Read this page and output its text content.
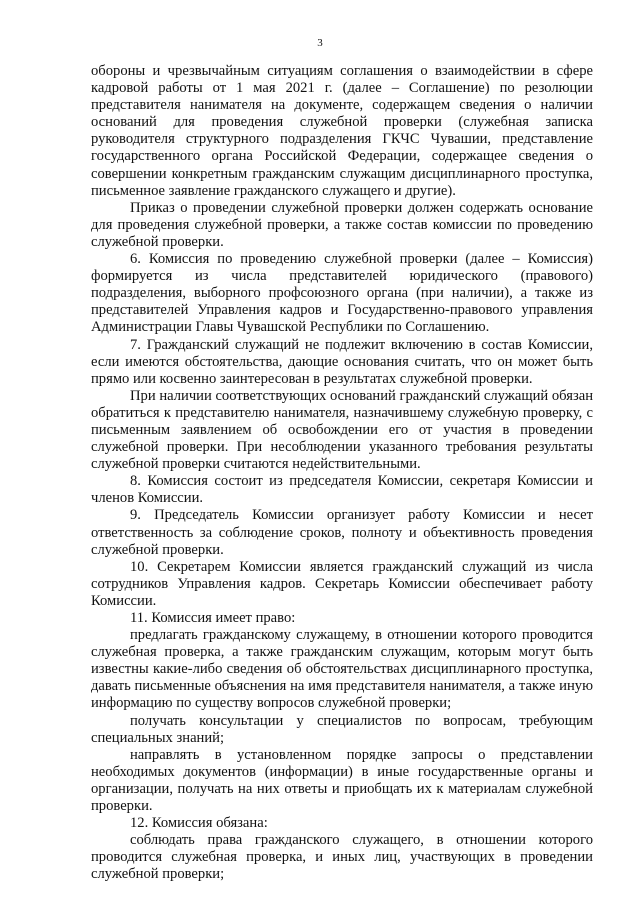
3

обороны и чрезвычайным ситуациям соглашения о взаимодействии в сфере кадровой работы от 1 мая 2021 г. (далее – Соглашение) по резолюции представителя нанимателя на документе, содержащем сведения о наличии оснований для проведения служебной проверки (служебная записка руководителя структурного подразделения ГКЧС Чувашии, представление государственного органа Российской Федерации, содержащее сведения о совершении конкретным гражданским служащим дисциплинарного проступка, письменное заявление гражданского служащего и другие).

Приказ о проведении служебной проверки должен содержать основание для проведения служебной проверки, а также состав комиссии по проведению служебной проверки.

6. Комиссия по проведению служебной проверки (далее – Комиссия) формируется из числа представителей юридического (правового) подразделения, выборного профсоюзного органа (при наличии), а также из представителей Управления кадров и Государственно-правового управления Администрации Главы Чувашской Республики по Соглашению.

7. Гражданский служащий не подлежит включению в состав Комиссии, если имеются обстоятельства, дающие основания считать, что он может быть прямо или косвенно заинтересован в результатах служебной проверки.

При наличии соответствующих оснований гражданский служащий обязан обратиться к представителю нанимателя, назначившему служебную проверку, с письменным заявлением об освобождении его от участия в проведении служебной проверки. При несоблюдении указанного требования результаты служебной проверки считаются недействительными.

8. Комиссия состоит из председателя Комиссии, секретаря Комиссии и членов Комиссии.

9. Председатель Комиссии организует работу Комиссии и несет ответственность за соблюдение сроков, полноту и объективность проведения служебной проверки.

10. Секретарем Комиссии является гражданский служащий из числа сотрудников Управления кадров. Секретарь Комиссии обеспечивает работу Комиссии.

11. Комиссия имеет право:

предлагать гражданскому служащему, в отношении которого проводится служебная проверка, а также гражданским служащим, которым могут быть известны какие-либо сведения об обстоятельствах дисциплинарного проступка, давать письменные объяснения на имя представителя нанимателя, а также иную информацию по существу вопросов служебной проверки;

получать консультации у специалистов по вопросам, требующим специальных знаний;

направлять в установленном порядке запросы о представлении необходимых документов (информации) в иные государственные органы и организации, получать на них ответы и приобщать их к материалам служебной проверки.

12. Комиссия обязана:

соблюдать права гражданского служащего, в отношении которого проводится служебная проверка, и иных лиц, участвующих в проведении служебной проверки;
